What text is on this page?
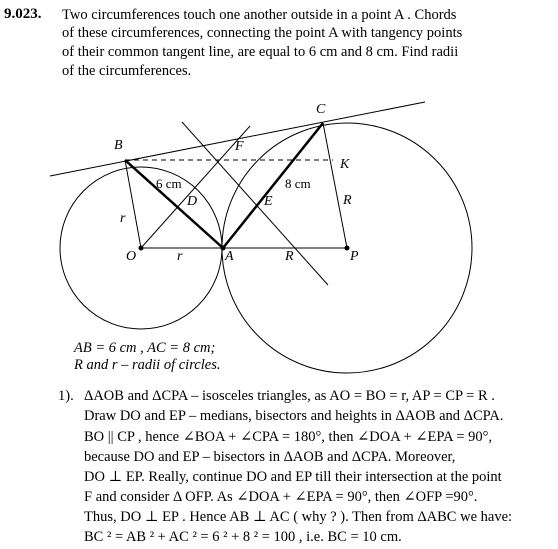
9.023. Two circumferences touch one another outside in a point A . Chords
of these circumferences, connecting the point A with tangency points
of their common tangent line, are equal to 6 cm and 8 cm. Find radii
of the circumferences.
C
B	F
K
D	E
O	A	P
6 cm	8 cm
r
r	R
R
AB = 6 cm , AC = 8 cm;
R and r – radii of circles.
1). ΔAOB and ΔCPA – isosceles triangles, as AO = BO = r, AP = CP = R .
Draw DO and EP – medians, bisectors and heights in ΔAOB and ΔCPA.
BO || CP , hence ∠BOA + ∠CPA = 180°, then ∠DOA + ∠EPA = 90°,
because DO and EP – bisectors in ΔAOB and ΔCPA. Moreover,
DO ⊥ EP. Really, continue DO and EP till their intersection at the point
F and consider Δ OFP. As ∠DOA + ∠EPA = 90°, then ∠OFP =90°.
Thus, DO ⊥ EP . Hence AB ⊥ AC ( why ? ). Then from ΔABC we have:
BC ² = AB ² + AC ² = 6 ² + 8 ² = 100 , i.e. BC = 10 cm.
